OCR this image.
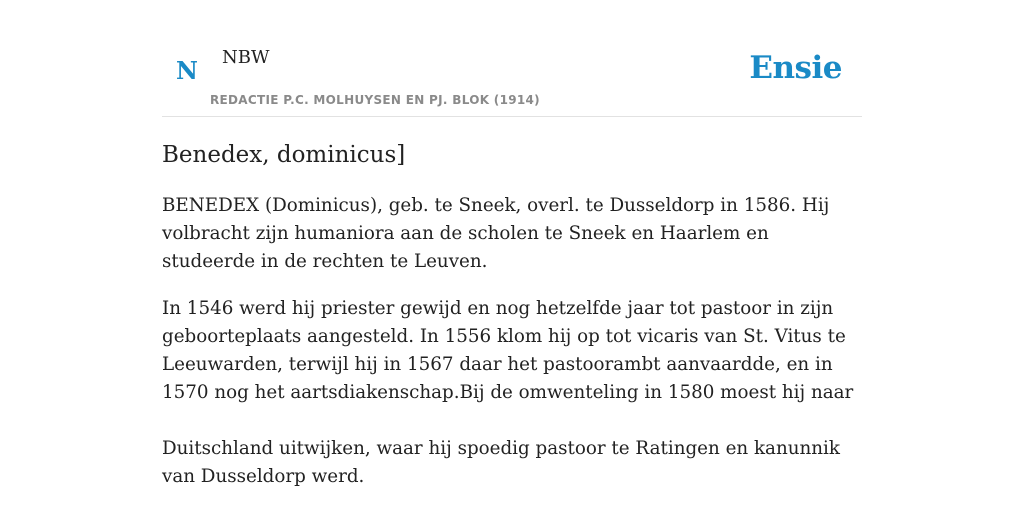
N NBW
REDACTIE P.C. MOLHUYSEN EN PJ. BLOK (1914)
Ensie
Benedex, dominicus]

BENEDEX (Dominicus), geb. te Sneek, overl. te Dusseldorp in 1586. Hij volbracht zijn humaniora aan de scholen te Sneek en Haarlem en studeerde in de rechten te Leuven.

In 1546 werd hij priester gewijd en nog hetzelfde jaar tot pastoor in zijn geboorteplaats aangesteld. In 1556 klom hij op tot vicaris van St. Vitus te Leeuwarden, terwijl hij in 1567 daar het pastoorambt aanvaardde, en in 1570 nog het aartsdiakenschap.Bij de omwenteling in 1580 moest hij naar

Duitschland uitwijken, waar hij spoedig pastoor te Ratingen en kanunnik van Dusseldorp werd.
